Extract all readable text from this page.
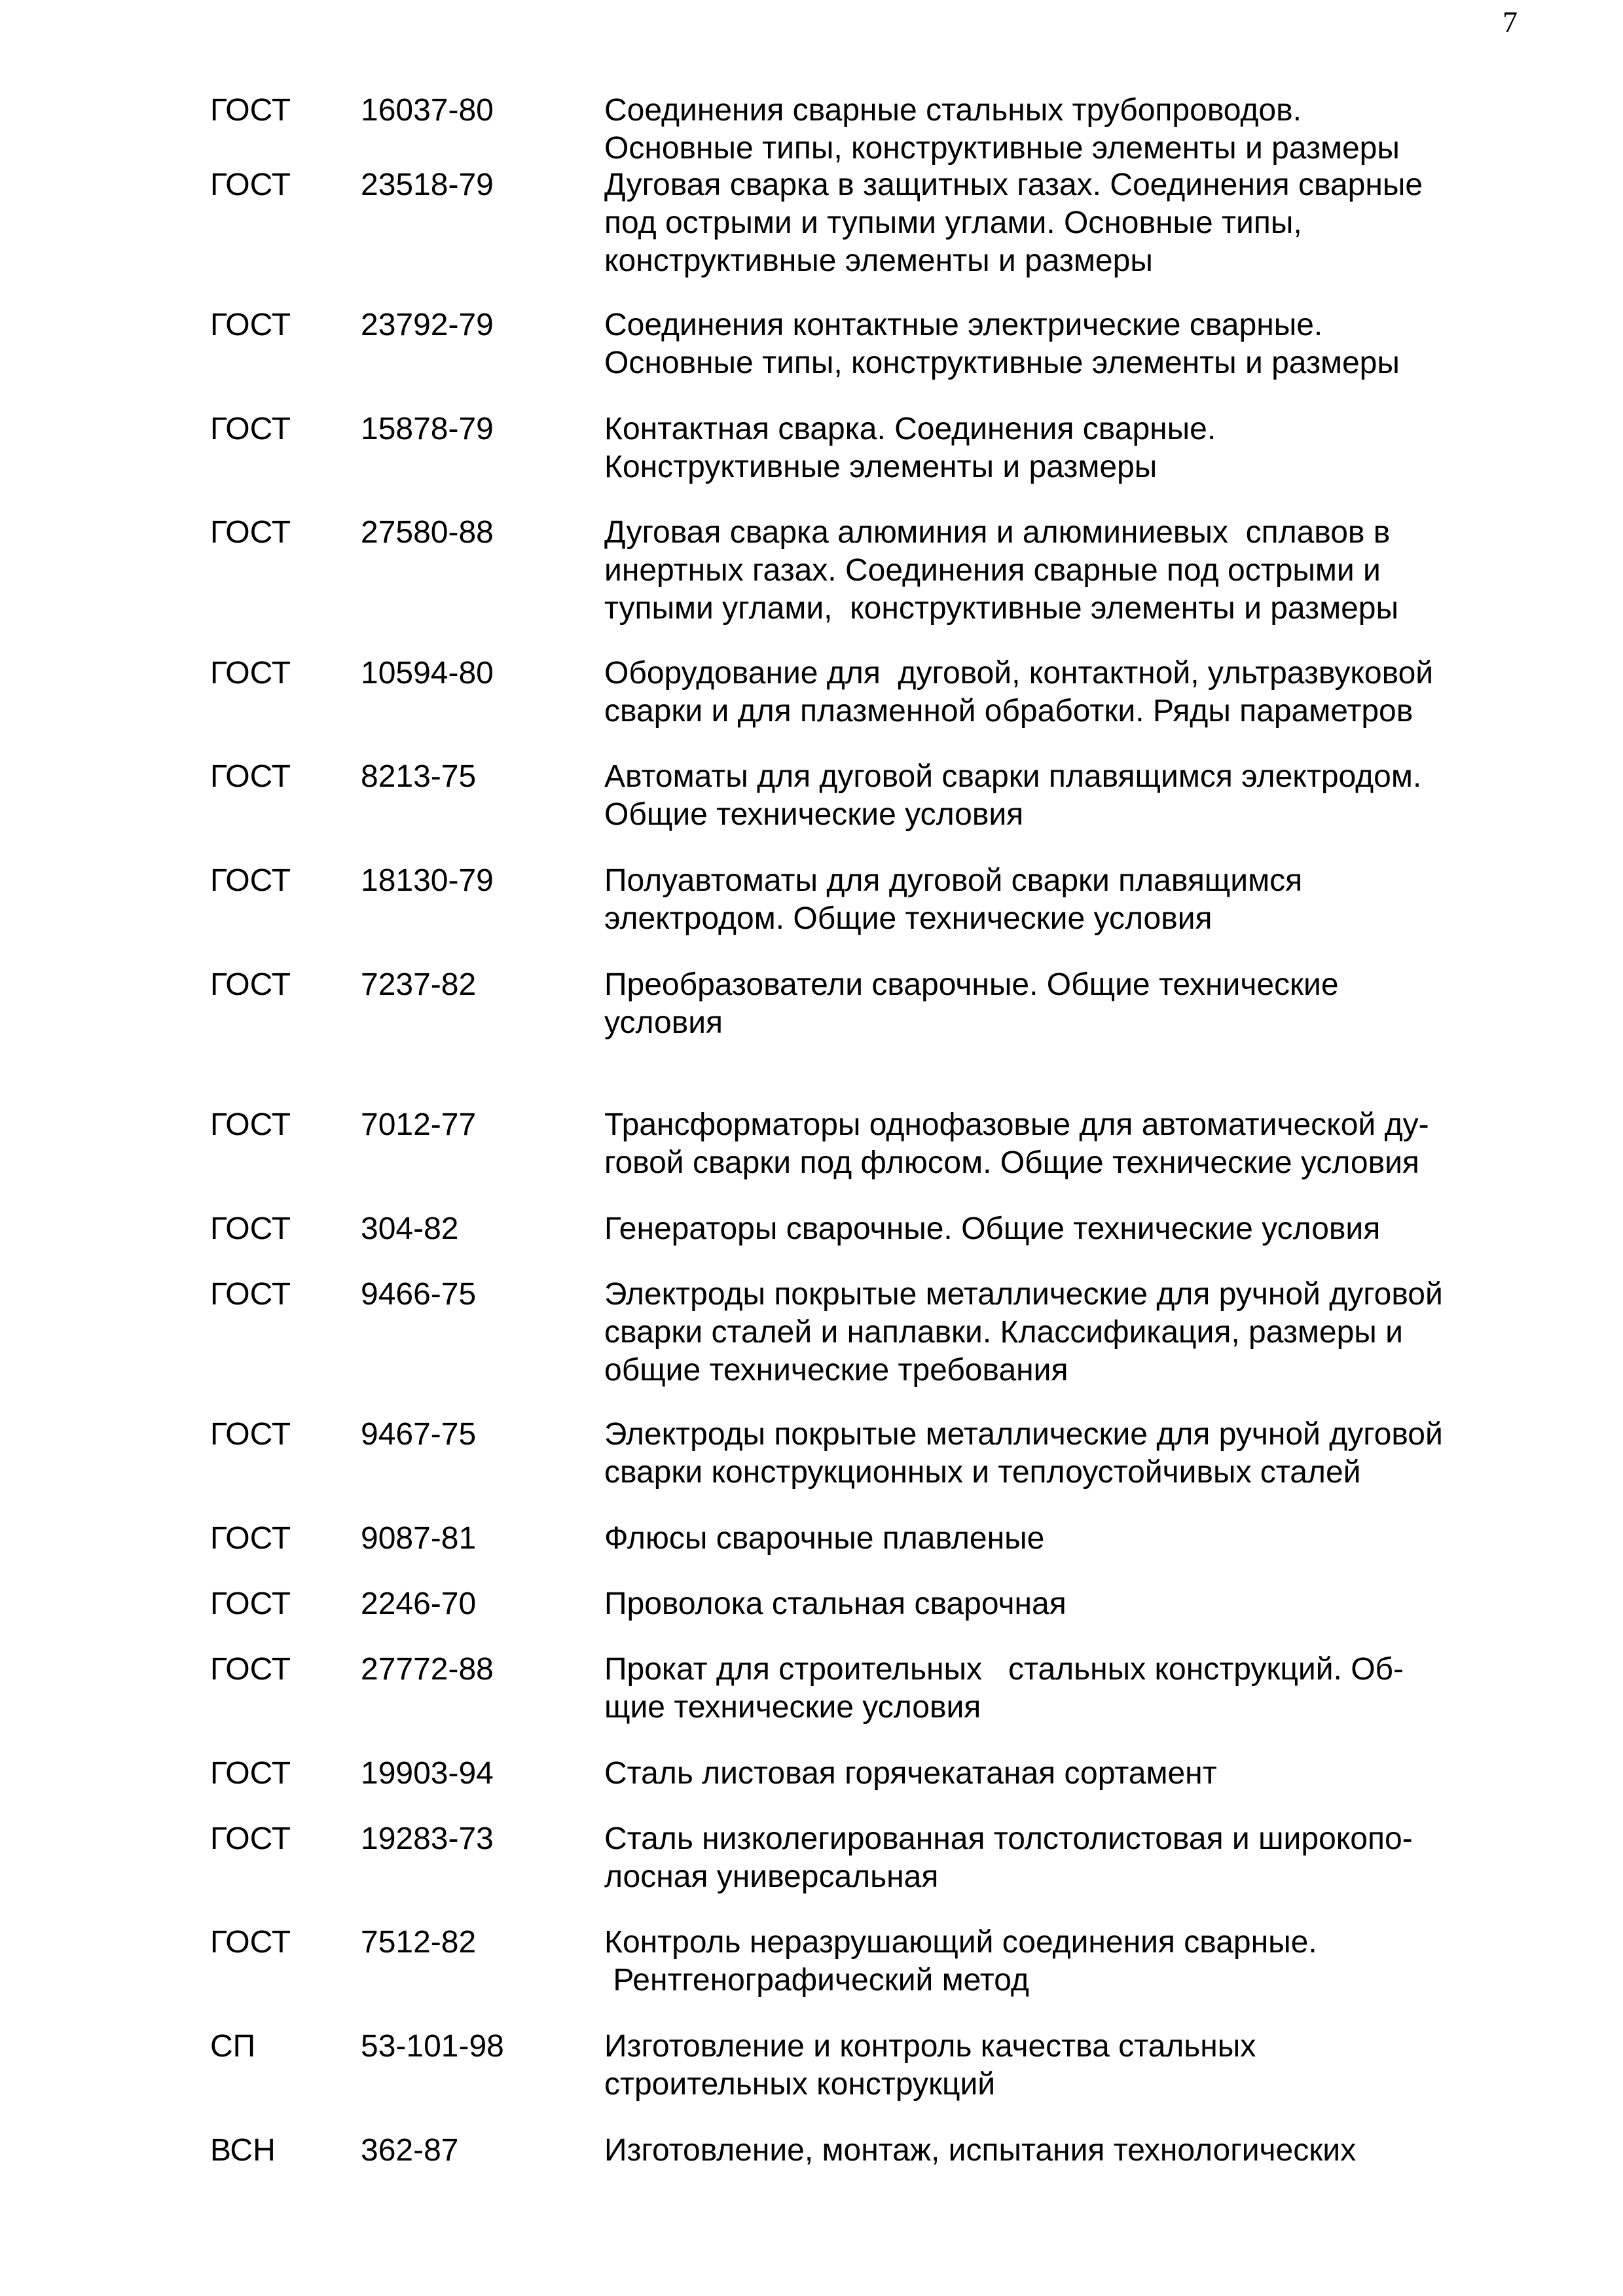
7
ГОСТ 16037-80	Соединения сварные стальных трубопроводов.
Основные типы, конструктивные элементы и размеры
ГОСТ 23518-79	Дуговая сварка в защитных газах. Соединения сварные
под острыми и тупыми углами. Основные типы,
конструктивные элементы и размеры
ГОСТ 23792-79	Соединения контактные электрические сварные.
Основные типы, конструктивные элементы и размеры
ГОСТ 15878-79	Контактная сварка. Соединения сварные.
Конструктивные элементы и размеры
ГОСТ 27580-88	Дуговая сварка алюминия и алюминиевых  сплавов в
инертных газах. Соединения сварные под острыми и
тупыми углами,  конструктивные элементы и размеры
ГОСТ 10594-80	Оборудование для  дуговой, контактной, ультразвуковой
сварки и для плазменной обработки. Ряды параметров
ГОСТ 8213-75	Автоматы для дуговой сварки плавящимся электродом.
Общие технические условия
ГОСТ 18130-79	Полуавтоматы для дуговой сварки плавящимся
электродом. Общие технические условия
ГОСТ 7237-82	Преобразователи сварочные. Общие технические
условия
ГОСТ 7012-77	Трансформаторы однофазовые для автоматической ду-
говой сварки под флюсом. Общие технические условия
ГОСТ 304-82	Генераторы сварочные. Общие технические условия
ГОСТ 9466-75	Электроды покрытые металлические для ручной дуговой
сварки сталей и наплавки. Классификация, размеры и
общие технические требования
ГОСТ 9467-75	Электроды покрытые металлические для ручной дуговой
сварки конструкционных и теплоустойчивых сталей
ГОСТ 9087-81	Флюсы сварочные плавленые
ГОСТ 2246-70	Проволока стальная сварочная
ГОСТ 27772-88	Прокат для строительных   стальных конструкций. Об-
щие технические условия
ГОСТ 19903-94	Сталь листовая горячекатаная сортамент
ГОСТ 19283-73	Сталь низколегированная толстолистовая и широкопо-
лосная универсальная
ГОСТ 7512-82	Контроль неразрушающий соединения сварные.
Рентгенографический метод
СП	53-101-98	Изготовление и контроль качества стальных
строительных конструкций
ВСН	362-87	Изготовление, монтаж, испытания технологических
